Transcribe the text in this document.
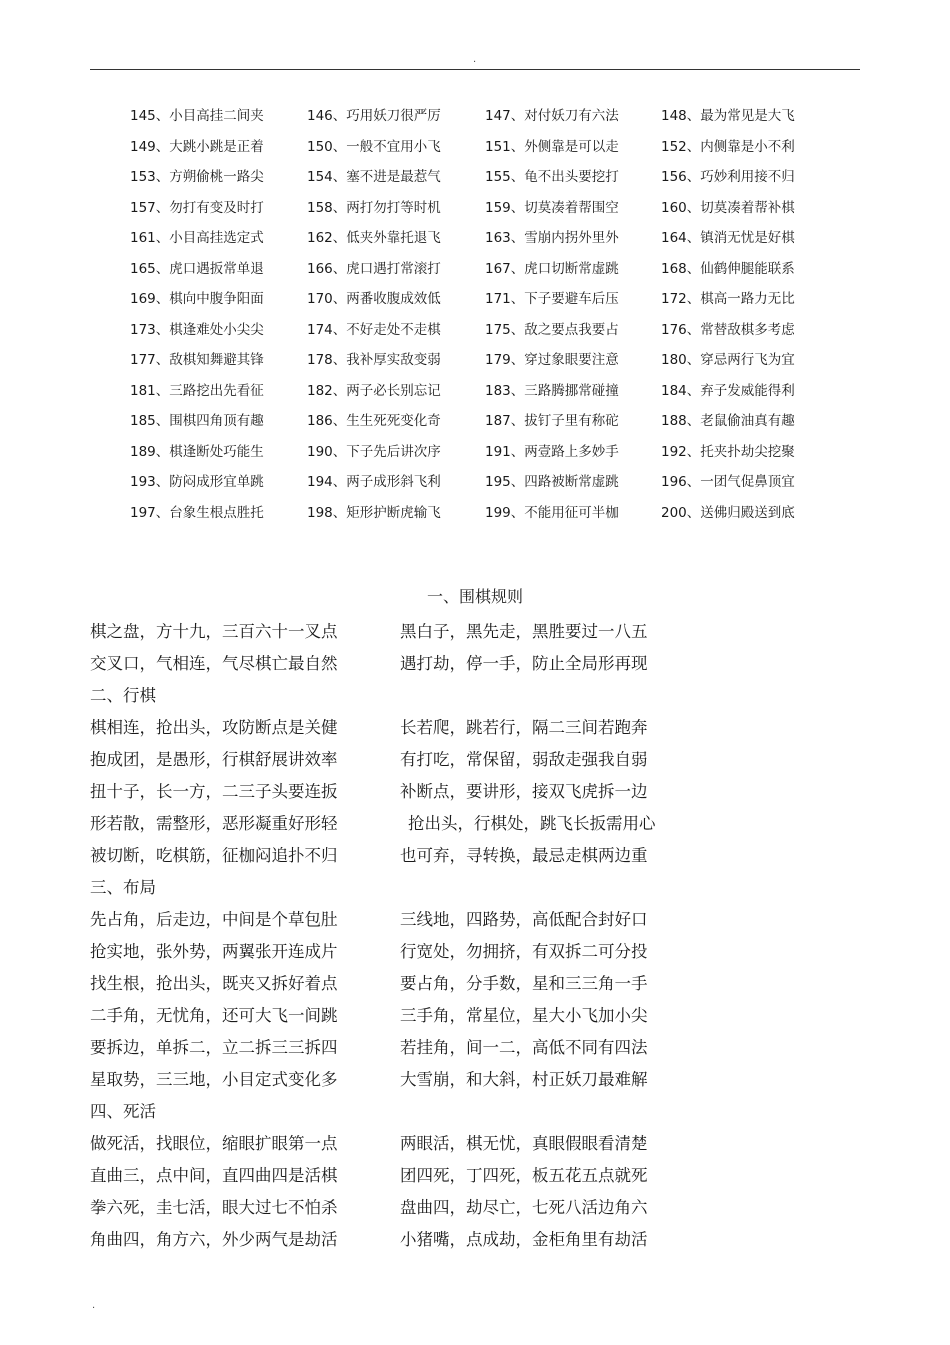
.
145、小目高挂二间夹	146、巧用妖刀很严厉	147、对付妖刀有六法	148、最为常见是大飞
149、大跳小跳是正着	150、一般不宜用小飞	151、外侧靠是可以走	152、内侧靠是小不利
153、方朔偷桃一路尖	154、塞不进是最惹气	155、龟不出头要挖打	156、巧妙利用接不归
157、勿打有变及时打	158、两打勿打等时机	159、切莫凑着帮围空	160、切莫凑着帮补棋
161、小目高挂选定式	162、低夹外靠托退飞	163、雪崩内拐外里外	164、镇消无忧是好棋
165、虎口遇扳常单退	166、虎口遇打常滚打	167、虎口切断常虚跳	168、仙鹤伸腿能联系
169、棋向中腹争阳面	170、两番收腹成效低	171、下子要避车后压	172、棋高一路力无比
173、棋逢难处小尖尖	174、不好走处不走棋	175、敌之要点我要占	176、常替敌棋多考虑
177、敌棋知舞避其锋	178、我补厚实敌变弱	179、穿过象眼要注意	180、穿忌两行飞为宜
181、三路挖出先看征	182、两子必长别忘记	183、三路腾挪常碰撞	184、弃子发威能得利
185、围棋四角顶有趣	186、生生死死变化奇	187、拔钉子里有称砣	188、老鼠偷油真有趣
189、棋逢断处巧能生	190、下子先后讲次序	191、两壹路上多妙手	192、托夹扑劫尖挖聚
193、防闷成形宜单跳	194、两子成形斜飞利	195、四路被断常虚跳	196、一团气促鼻顶宜
197、台象生根点胜托	198、矩形护断虎输飞	199、不能用征可半枷	200、送佛归殿送到底
一、围棋规则
棋之盘，方十九，三百六十一叉点	黑白子，黑先走，黑胜要过一八五
交叉口，气相连，气尽棋亡最自然	遇打劫，停一手，防止全局形再现
二、行棋
棋相连，抢出头，攻防断点是关健	长若爬，跳若行，隔二三间若跑奔
抱成团，是愚形，行棋舒展讲效率	有打吃，常保留，弱敌走强我自弱
扭十子，长一方，二三子头要连扳	补断点，要讲形，接双飞虎拆一边
形若散，需整形，恶形凝重好形轻	抢出头，行棋处，跳飞长扳需用心
被切断，吃棋筋，征枷闷追扑不归	也可弃，寻转换，最忌走棋两边重
三、布局
先占角，后走边，中间是个草包肚	三线地，四路势，高低配合封好口
抢实地，张外势，两翼张开连成片	行宽处，勿拥挤，有双拆二可分投
找生根，抢出头，既夹又拆好着点	要占角，分手数，星和三三角一手
二手角，无忧角，还可大飞一间跳	三手角，常星位，星大小飞加小尖
要拆边，单拆二，立二拆三三拆四	若挂角，间一二，高低不同有四法
星取势，三三地，小目定式变化多	大雪崩，和大斜，村正妖刀最难解
四、死活
做死活，找眼位，缩眼扩眼第一点	两眼活，棋无忧，真眼假眼看清楚
直曲三，点中间，直四曲四是活棋	团四死，丁四死，板五花五点就死
拳六死，圭七活，眼大过七不怕杀	盘曲四，劫尽亡，七死八活边角六
角曲四，角方六，外少两气是劫活	小猪嘴，点成劫，金柜角里有劫活
.
